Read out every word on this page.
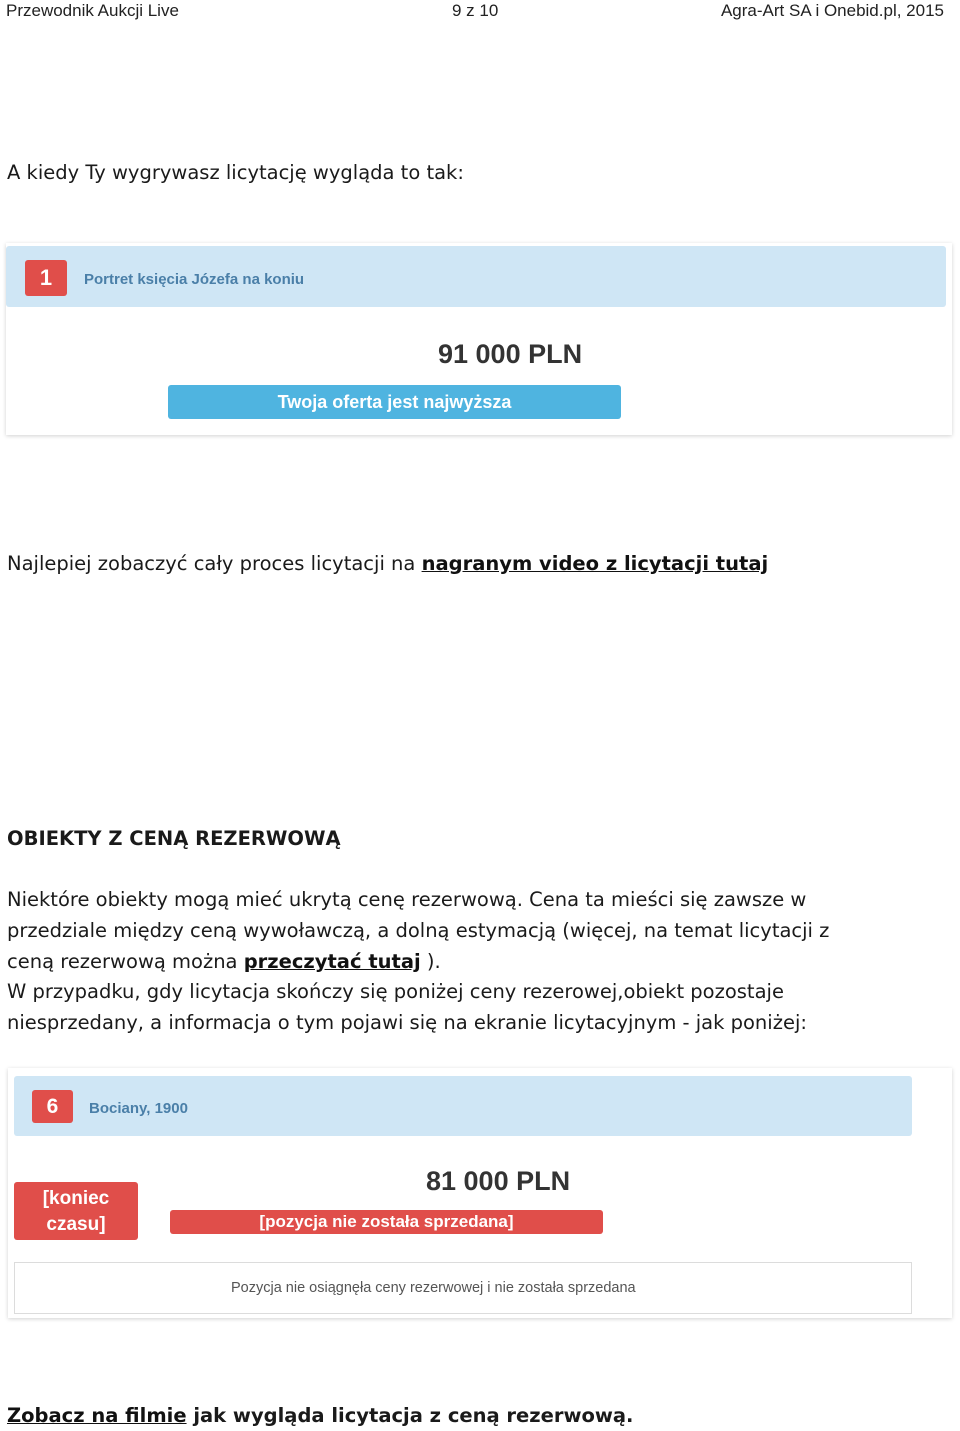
Przewodnik Aukcji Live	9 z 10	Agra-Art SA i Onebid.pl, 2015
A kiedy Ty wygrywasz licytację wygląda to tak:
1	Portret księcia Józefa na koniu
91 000 PLN
Twoja oferta jest najwyższa
Najlepiej zobaczyć cały proces licytacji na nagranym video z licytacji tutaj
OBIEKTY Z CENĄ REZERWOWĄ
Niektóre obiekty mogą mieć ukrytą cenę rezerwową. Cena ta mieści się zawsze w
przedziale między ceną wywoławczą, a dolną estymacją (więcej, na temat licytacji z
ceną rezerwową można przeczytać tutaj ).
W przypadku, gdy licytacja skończy się poniżej ceny rezerowej,obiekt pozostaje
niesprzedany, a informacja o tym pojawi się na ekranie licytacyjnym - jak poniżej:
6	Bociany, 1900
[koniec
czasu]
81 000 PLN
[pozycja nie została sprzedana]
Pozycja nie osiągnęła ceny rezerwowej i nie została sprzedana
Zobacz na filmie jak wygląda licytacja z ceną rezerwową.
